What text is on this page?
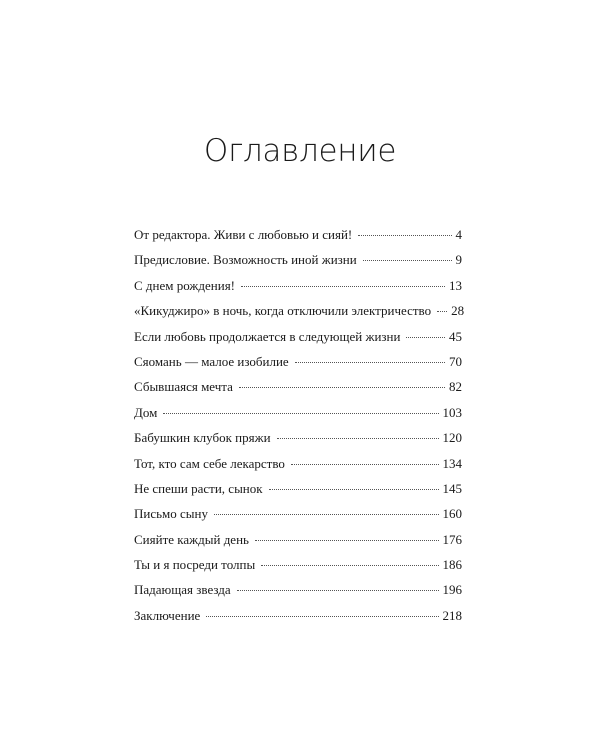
Оглавление
От редактора. Живи с любовью и сияй!	4
Предисловие. Возможность иной жизни	9
С днем рождения!	13
«Кикуджиро» в ночь, когда отключили электричество 28
Если любовь продолжается в следующей жизни	45
Сяомань — малое изобилие	70
Сбывшаяся мечта	82
Дом	103
Бабушкин клубок пряжи	120
Тот, кто сам себе лекарство	134
Не спеши расти, сынок	145
Письмо сыну	160
Сияйте каждый день	176
Ты и я посреди толпы	186
Падающая звезда	196
Заключение	218
